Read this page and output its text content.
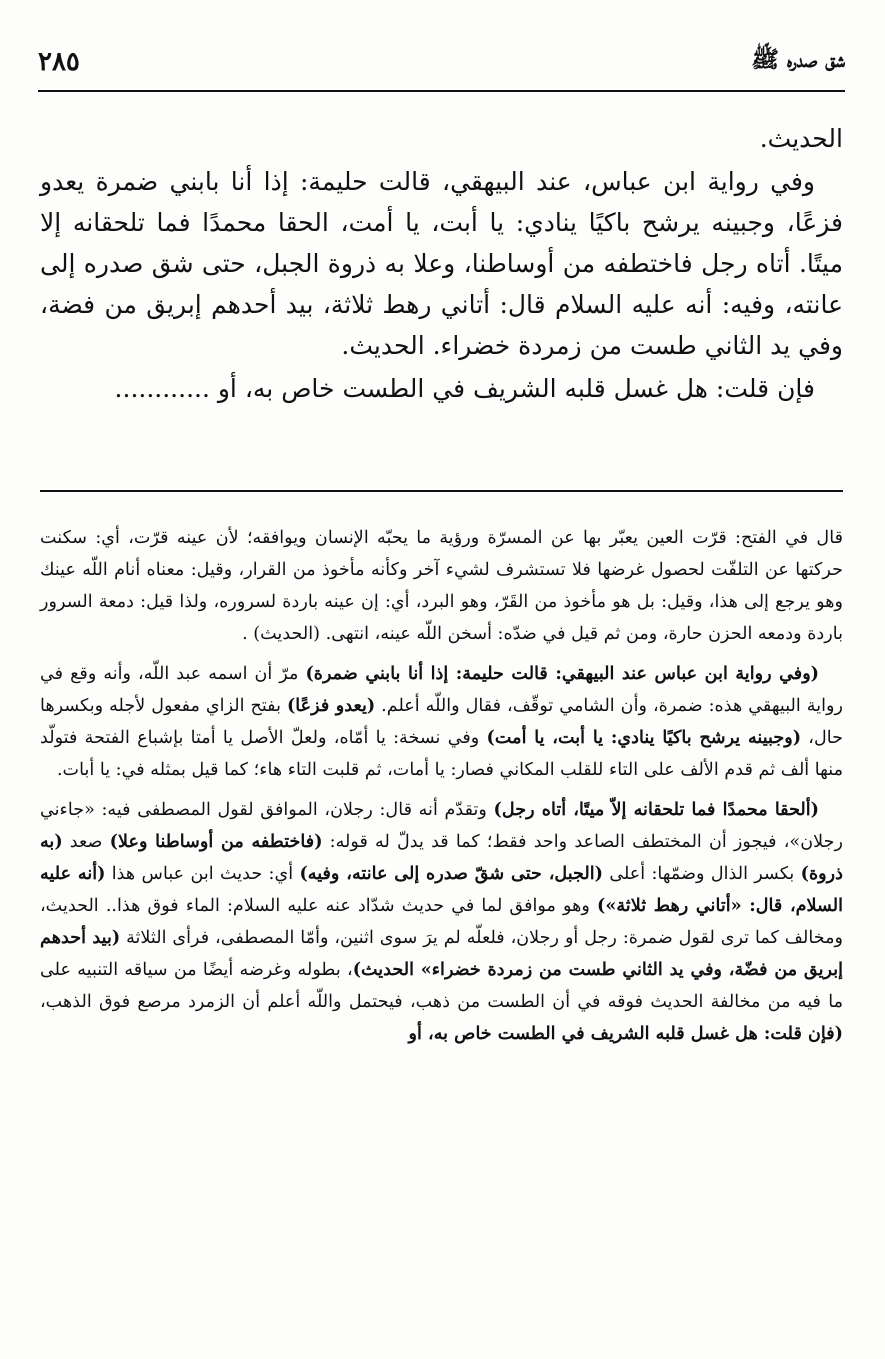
شق صدره ﷺ
٢٨٥

الحديث.

وفي رواية ابن عباس، عند البيهقي، قالت حليمة: إذا أنا بابني ضمرة يعدو فزعًا، وجبينه يرشح باكيًا ينادي: يا أبت، يا أمت، الحقا محمدًا فما تلحقانه إلا ميتًا. أتاه رجل فاختطفه من أوساطنا، وعلا به ذروة الجبل، حتى شق صدره إلى عانته، وفيه: أنه عليه السلام قال: أتاني رهط ثلاثة، بيد أحدهم إبريق من فضة، وفي يد الثاني طست من زمردة خضراء. الحديث.

فإن قلت: هل غسل قلبه الشريف في الطست خاص به، أو ............

قال في الفتح: قرّت العين يعبّر بها عن المسرّة ورؤية ما يحبّه الإنسان ويوافقه؛ لأن عينه قرّت، أي: سكنت حركتها عن التلفّت لحصول غرضها فلا تستشرف لشيء آخر وكأنه مأخوذ من القرار، وقيل: معناه أنام اللّه عينك وهو يرجع إلى هذا، وقيل: بل هو مأخوذ من القَرّ، وهو البرد، أي: إن عينه باردة لسروره، ولذا قيل: دمعة السرور باردة ودمعه الحزن حارة، ومن ثم قيل في ضدّه: أسخن اللّه عينه، انتهى. (الحديث) .

(وفي رواية ابن عباس عند البيهقي: قالت حليمة: إذا أنا بابني ضمرة) مرّ أن اسمه عبد اللّه، وأنه وقع في رواية البيهقي هذه: ضمرة، وأن الشامي توقّف، فقال واللّه أعلم. (يعدو فزعًا) بفتح الزاي مفعول لأجله وبكسرها حال، (وجبينه يرشح باكيًا ينادي: يا أبت، يا أمت) وفي نسخة: يا أمّاه، ولعلّ الأصل يا أمتا بإشباع الفتحة فتولّد منها ألف ثم قدم الألف على التاء للقلب المكاني فصار: يا أمات، ثم قلبت التاء هاء؛ كما قيل بمثله في: يا أبات.

(ألحقا محمدًا فما تلحقانه إلاّ ميتًا، أتاه رجل) وتقدّم أنه قال: رجلان، الموافق لقول المصطفى فيه: «جاءني رجلان»، فيجوز أن المختطف الصاعد واحد فقط؛ كما قد يدلّ له قوله: (فاختطفه من أوساطنا وعلا) صعد (به ذروة) بكسر الذال وضمّها: أعلى (الجبل، حتى شقّ صدره إلى عانته، وفيه) أي: حديث ابن عباس هذا (أنه عليه السلام، قال: «أتاني رهط ثلاثة») وهو موافق لما في حديث شدّاد عنه عليه السلام: الماء فوق هذا.. الحديث، ومخالف كما ترى لقول ضمرة: رجل أو رجلان، فلعلّه لم يرَ سوى اثنين، وأمّا المصطفى، فرأى الثلاثة (بيد أحدهم إبريق من فضّة، وفي يد الثاني طست من زمردة خضراء» الحديث)، بطوله وغرضه أيضًا من سياقه التنبيه على ما فيه من مخالفة الحديث فوقه في أن الطست من ذهب، فيحتمل واللّه أعلم أن الزمرد مرصع فوق الذهب، (فإن قلت: هل غسل قلبه الشريف في الطست خاص به، أو
